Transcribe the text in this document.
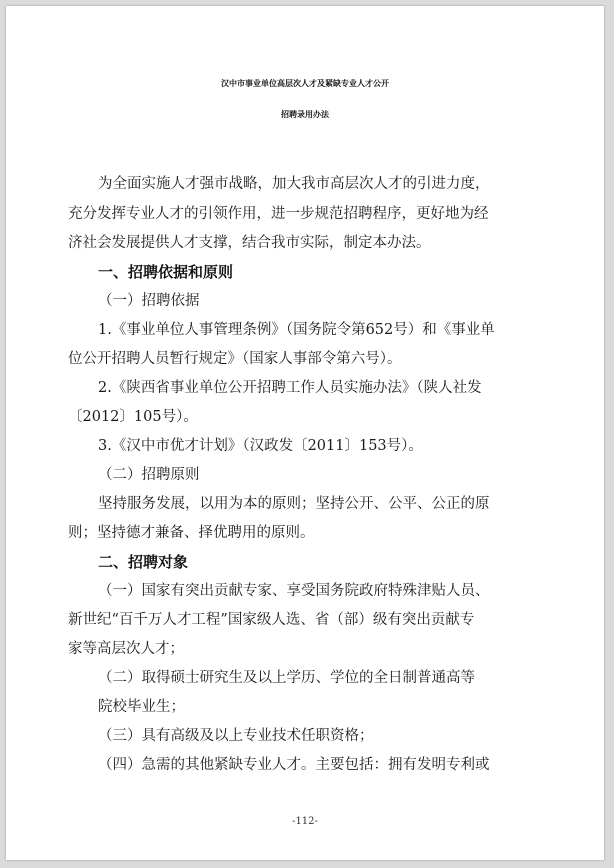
汉中市事业单位高层次人才及紧缺专业人才公开
招聘录用办法
为全面实施人才强市战略，加大我市高层次人才的引进力度，
充分发挥专业人才的引领作用，进一步规范招聘程序，更好地为经
济社会发展提供人才支撑，结合我市实际，制定本办法。
一、招聘依据和原则
（一）招聘依据
1.《事业单位人事管理条例》（国务院令第652号）和《事业单
位公开招聘人员暂行规定》（国家人事部令第六号）。
2.《陕西省事业单位公开招聘工作人员实施办法》（陕人社发
〔2012〕105号）。
3.《汉中市优才计划》（汉政发〔2011〕153号）。
（二）招聘原则
坚持服务发展，以用为本的原则；坚持公开、公平、公正的原
则；坚持德才兼备、择优聘用的原则。
二、招聘对象
（一）国家有突出贡献专家、享受国务院政府特殊津贴人员、
新世纪“百千万人才工程”国家级人选、省（部）级有突出贡献专
家等高层次人才；
（二）取得硕士研究生及以上学历、学位的全日制普通高等
院校毕业生；
（三）具有高级及以上专业技术任职资格；
（四）急需的其他紧缺专业人才。主要包括：拥有发明专利或
-112-
